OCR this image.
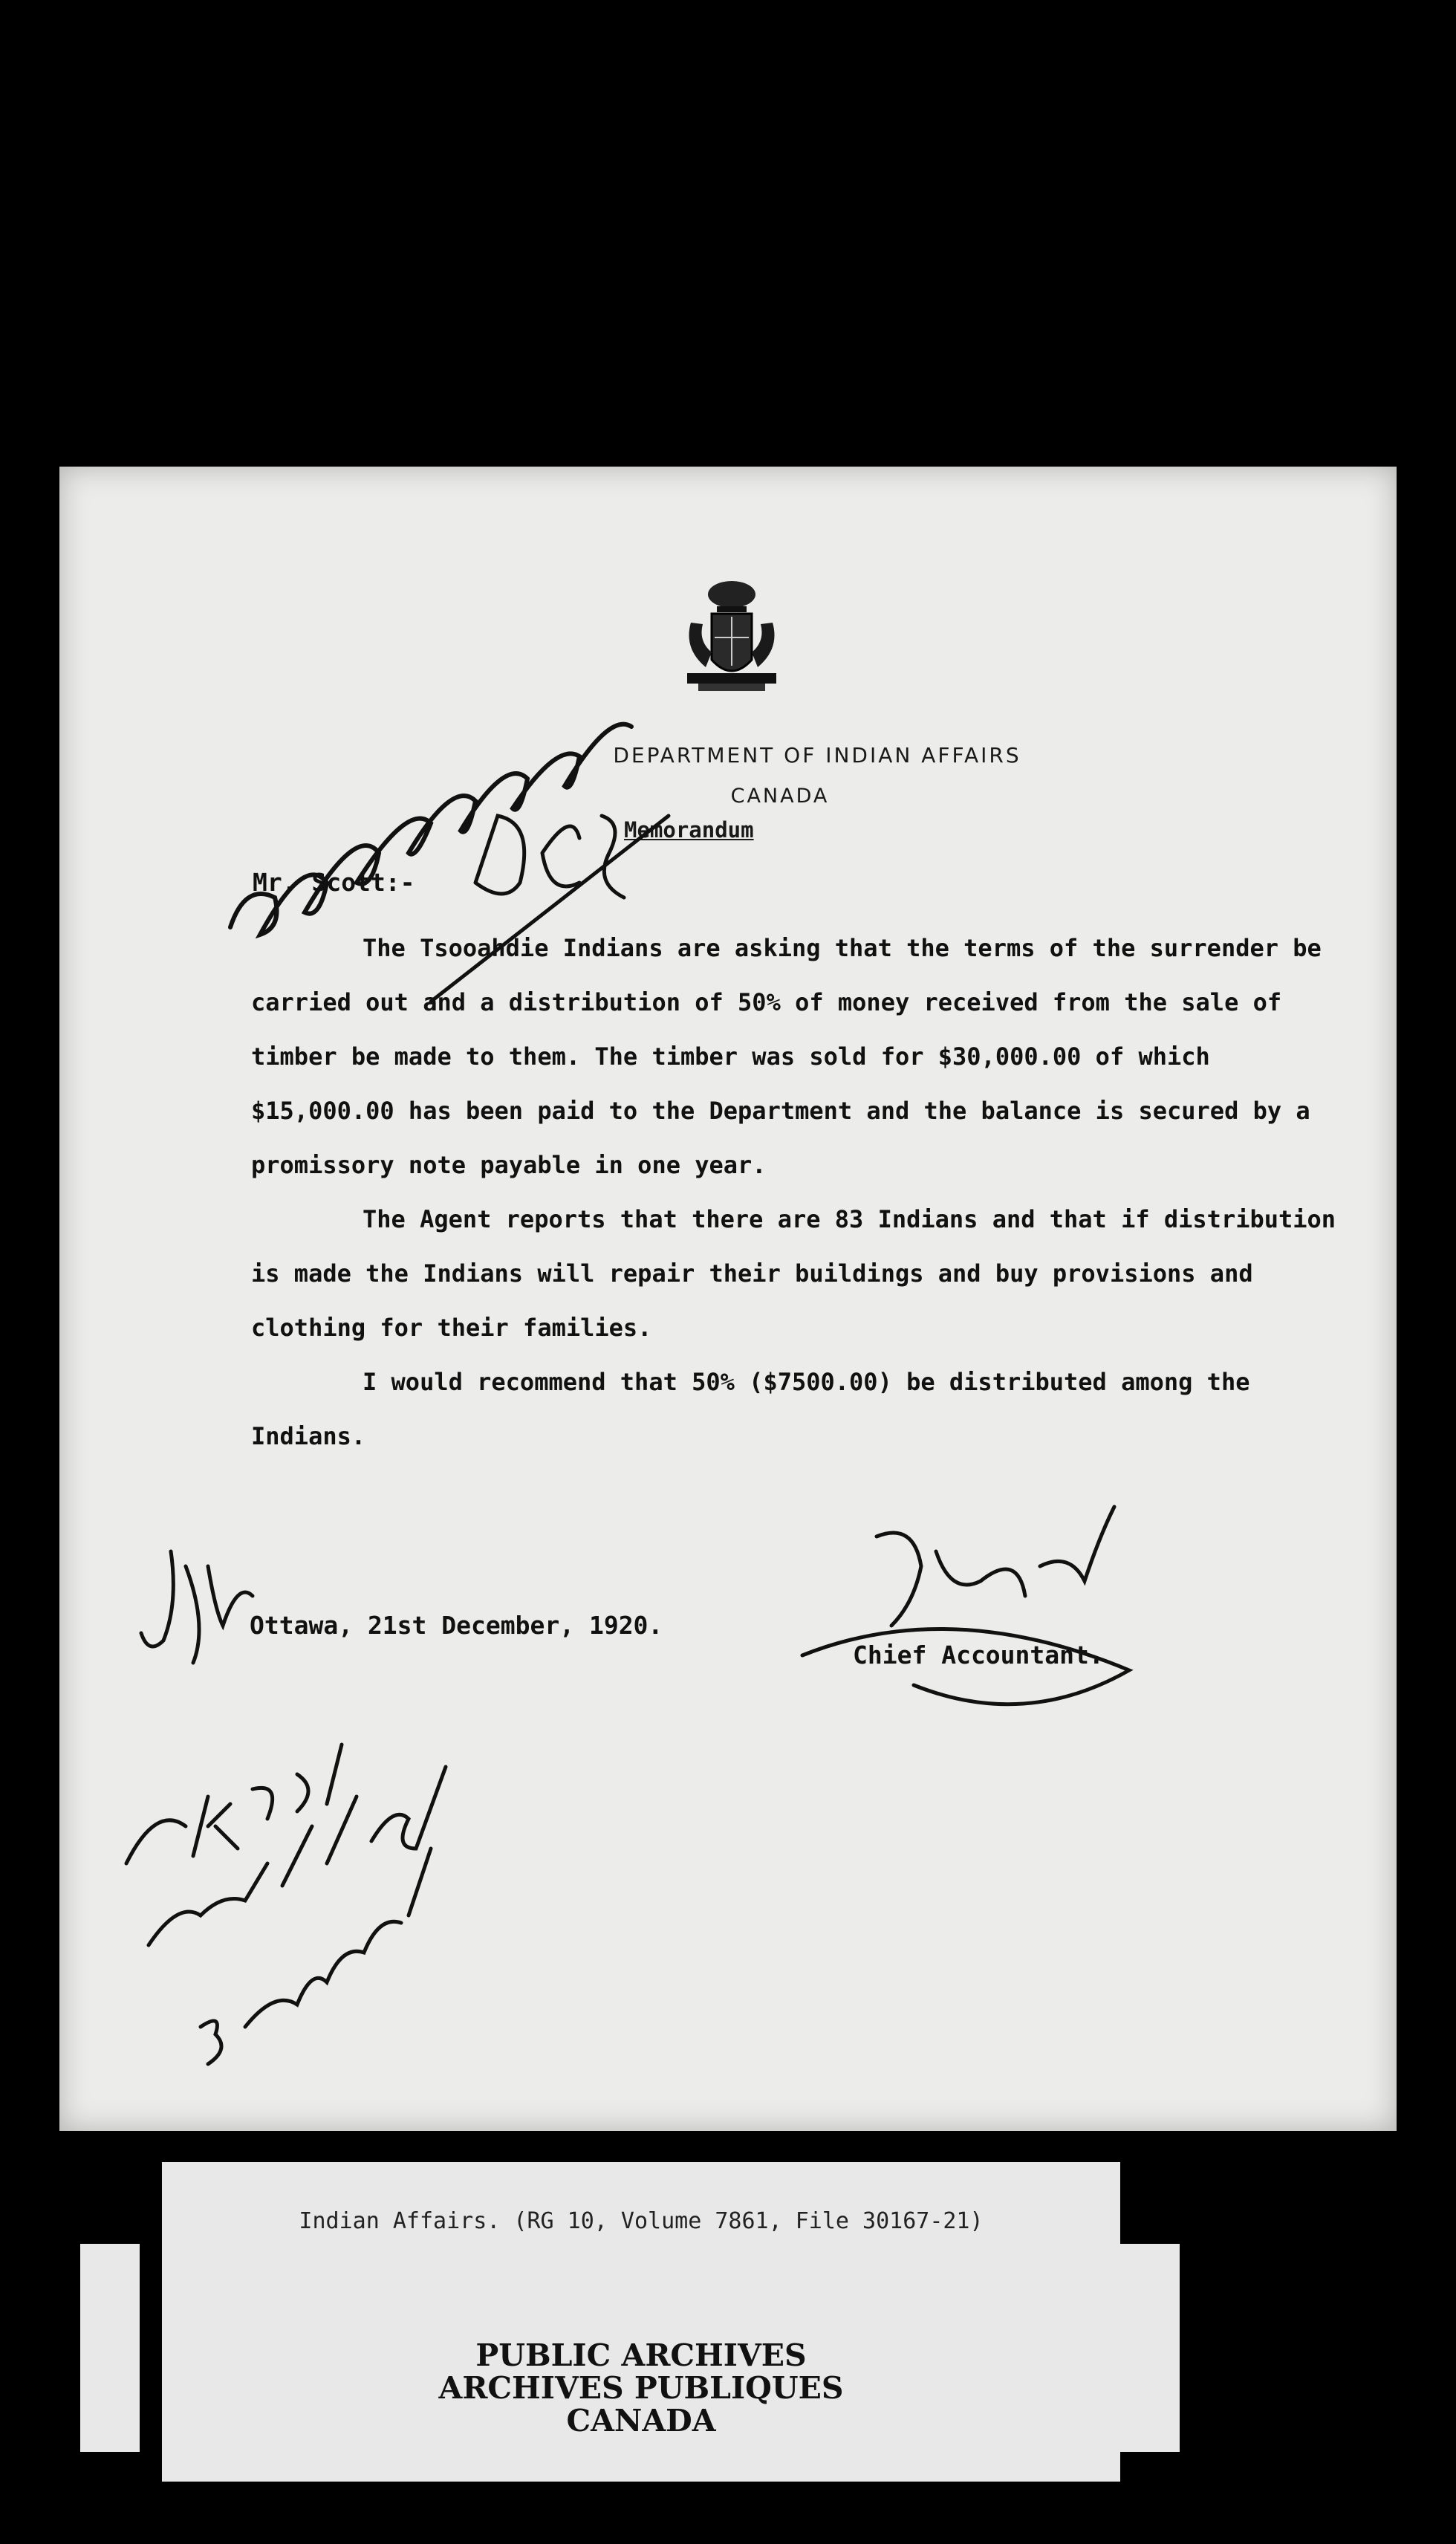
DEPARTMENT OF INDIAN AFFAIRS
CANADA
Memorandum
Mr. Scott:-

The Tsooahdie Indians are asking that the terms of the surrender be carried out and a distribution of 50% of money received from the sale of timber be made to them. The timber was sold for $30,000.00 of which $15,000.00 has been paid to the Department and the balance is secured by a promissory note payable in one year.

The Agent reports that there are 83 Indians and that if distribution is made the Indians will repair their buildings and buy provisions and clothing for their families.

I would recommend that 50% ($7500.00) be distributed among the Indians.

Ottawa, 21st December, 1920.
Chief Accountant.
Indian Affairs. (RG 10, Volume 7861, File 30167-21)
PUBLIC ARCHIVES
ARCHIVES PUBLIQUES
CANADA
